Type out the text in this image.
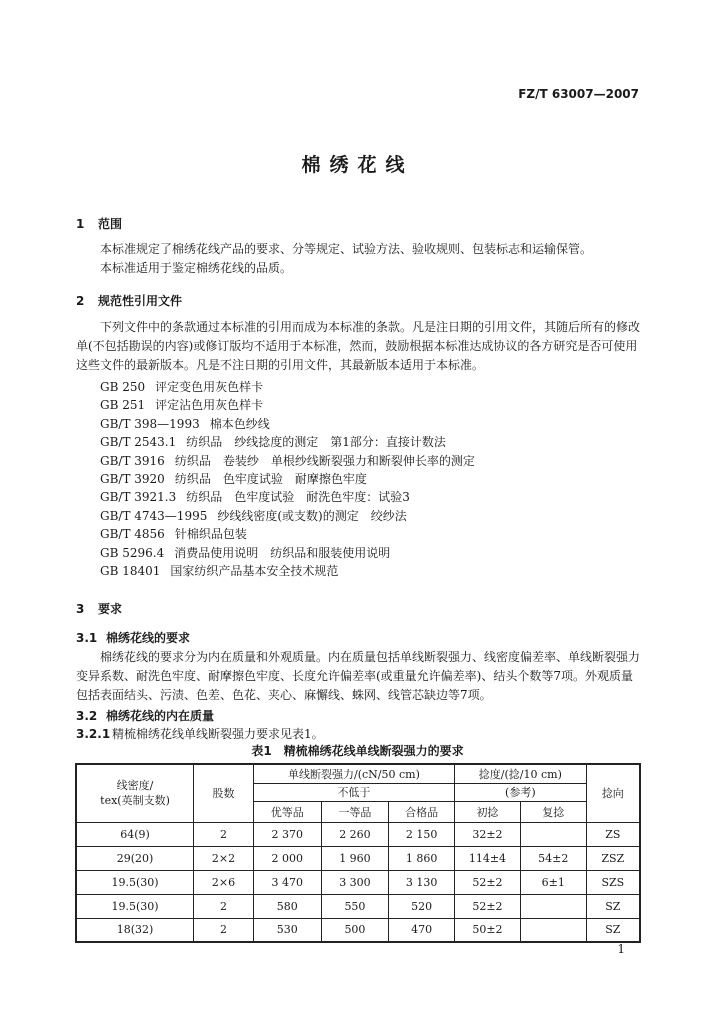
FZ/T 63007—2007
棉绣花线
1 范围

本标准规定了棉绣花线产品的要求、分等规定、试验方法、验收规则、包装标志和运输保管。

本标准适用于鉴定棉绣花线的品质。

2 规范性引用文件

下列文件中的条款通过本标准的引用而成为本标准的条款。凡是注日期的引用文件，其随后所有的修改单(不包括勘误的内容)或修订版均不适用于本标准，然而，鼓励根据本标准达成协议的各方研究是否可使用这些文件的最新版本。凡是不注日期的引用文件，其最新版本适用于本标准。

GB 250 评定变色用灰色样卡
GB 251 评定沾色用灰色样卡
GB/T 398—1993 棉本色纱线
GB/T 2543.1 纺织品　纱线捻度的测定　第1部分：直接计数法
GB/T 3916 纺织品　卷装纱　单根纱线断裂强力和断裂伸长率的测定
GB/T 3920 纺织品　色牢度试验　耐摩擦色牢度
GB/T 3921.3 纺织品　色牢度试验　耐洗色牢度：试验3
GB/T 4743—1995 纱线线密度(或支数)的测定　绞纱法
GB/T 4856 针棉织品包装
GB 5296.4 消费品使用说明　纺织品和服装使用说明
GB 18401 国家纺织产品基本安全技术规范
3 要求
3.1 棉绣花线的要求

棉绣花线的要求分为内在质量和外观质量。内在质量包括单线断裂强力、线密度偏差率、单线断裂强力变异系数、耐洗色牢度、耐摩擦色牢度、长度允许偏差率(或重量允许偏差率)、结头个数等7项。外观质量包括表面结头、污渍、色差、色花、夹心、麻懈线、蛛网、线管芯缺边等7项。

3.2 棉绣花线的内在质量
3.2.1 精梳棉绣花线单线断裂强力要求见表1。
表1　精梳棉绣花线单线断裂强力的要求
线密度/
tex(英制支数)	股数	单线断裂强力/(cN/50 cm)			捻度/(捻/10 cm)		捻向
		不低于			(参考)		
		优等品	一等品	合格品	初捻	复捻	
64(9)	2	2 370	2 260	2 150	32±2		ZS
29(20)	2×2	2 000	1 960	1 860	114±4	54±2	ZSZ
19.5(30)	2×6	3 470	3 300	3 130	52±2	6±1	SZS
19.5(30)	2	580	550	520	52±2		SZ
18(32)	2	530	500	470	50±2		SZ
1
